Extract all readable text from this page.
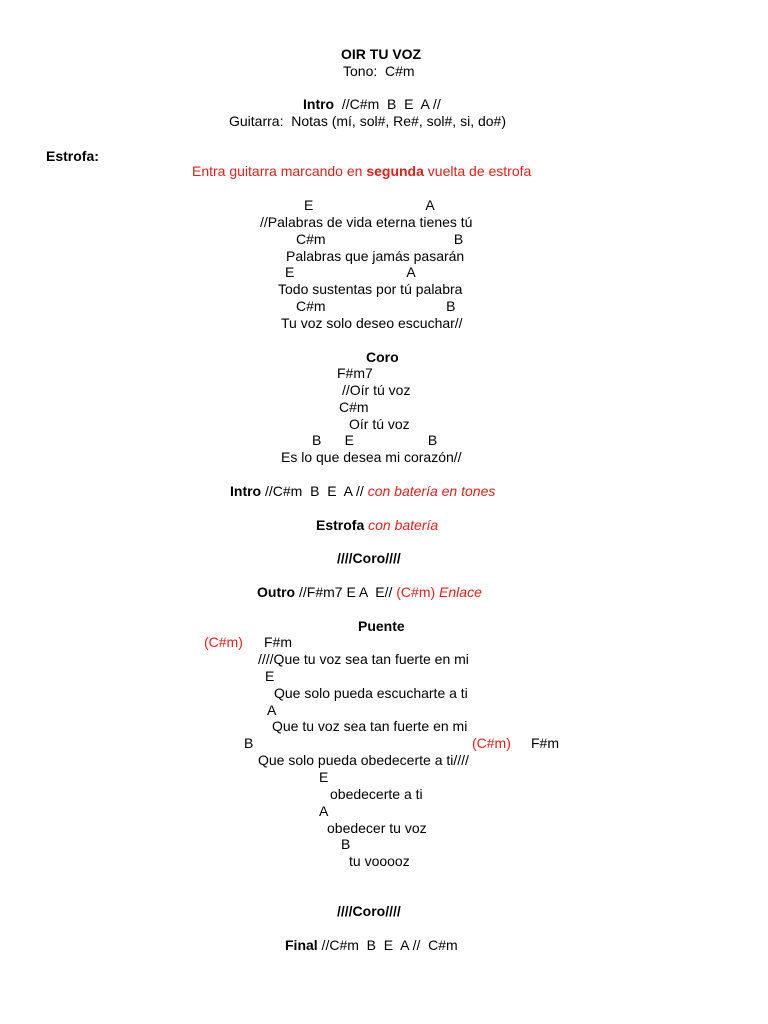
OIR TU VOZ
Tono:  C#m
Intro  //C#m  B  E  A //
Guitarra:  Notas (mí, sol#, Re#, sol#, si, do#)
Estrofa:
Entra guitarra marcando en segunda vuelta de estrofa
E                             A
//Palabras de vida eterna tienes tú
C#m                                 B
Palabras que jamás pasarán
E                             A
Todo sustentas por tú palabra
C#m                               B
Tu voz solo deseo escuchar//
Coro
F#m7
//Oír tú voz
C#m
Oír tú voz
B      E                   B
Es lo que desea mi corazón//
Intro //C#m  B  E  A // con batería en tones
Estrofa con batería
////Coro////
Outro //F#m7 E A  E// (C#m) Enlace
Puente
(C#m) F#m
////Que tu voz sea tan fuerte en mi
E
Que solo pueda escucharte a ti
A
Que tu voz sea tan fuerte en mi
B	(C#m) F#m
Que solo pueda obedecerte a ti////
E
obedecerte a ti
A
obedecer tu voz
B
tu vooooz
////Coro////
Final //C#m  B  E  A //  C#m
